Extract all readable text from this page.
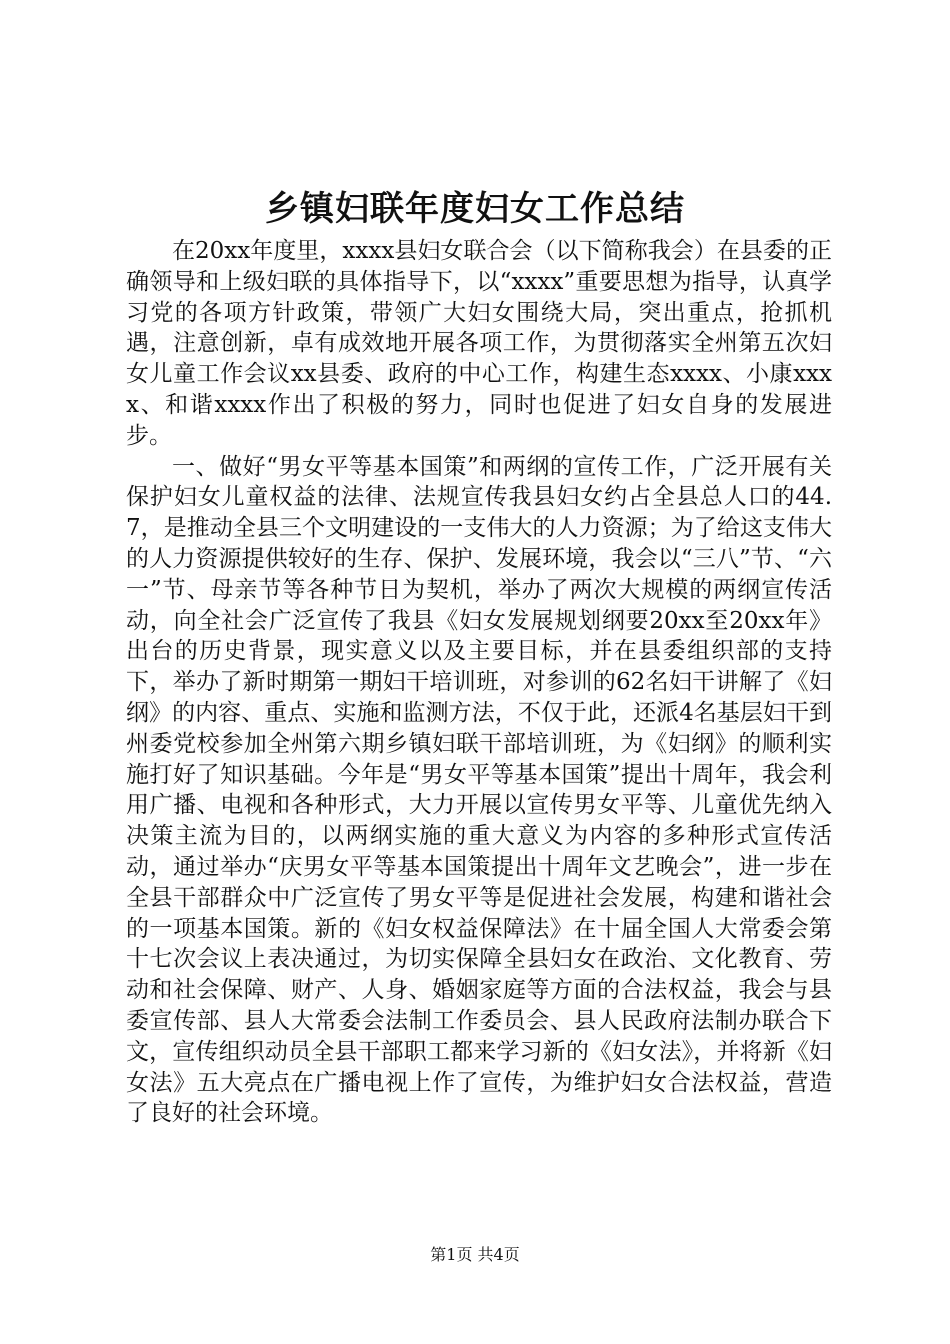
乡镇妇联年度妇女工作总结

在20xx年度里，xxxx县妇女联合会（以下简称我会）在县委的正确领导和上级妇联的具体指导下，以“xxxx”重要思想为指导，认真学习党的各项方针政策，带领广大妇女围绕大局，突出重点，抢抓机遇，注意创新，卓有成效地开展各项工作，为贯彻落实全州第五次妇女儿童工作会议xx县委、政府的中心工作，构建生态xxxx、小康xxxx、和谐xxxx作出了积极的努力，同时也促进了妇女自身的发展进步。

一、做好“男女平等基本国策”和两纲的宣传工作，广泛开展有关保护妇女儿童权益的法律、法规宣传我县妇女约占全县总人口的44.7，是推动全县三个文明建设的一支伟大的人力资源；为了给这支伟大的人力资源提供较好的生存、保护、发展环境，我会以“三八”节、“六一”节、母亲节等各种节日为契机，举办了两次大规模的两纲宣传活动，向全社会广泛宣传了我县《妇女发展规划纲要20xx至20xx年》出台的历史背景，现实意义以及主要目标，并在县委组织部的支持下，举办了新时期第一期妇干培训班，对参训的62名妇干讲解了《妇纲》的内容、重点、实施和监测方法，不仅于此，还派4名基层妇干到州委党校参加全州第六期乡镇妇联干部培训班，为《妇纲》的顺利实施打好了知识基础。今年是“男女平等基本国策”提出十周年，我会利用广播、电视和各种形式，大力开展以宣传男女平等、儿童优先纳入决策主流为目的，以两纲实施的重大意义为内容的多种形式宣传活动，通过举办“庆男女平等基本国策提出十周年文艺晚会”，进一步在全县干部群众中广泛宣传了男女平等是促进社会发展，构建和谐社会的一项基本国策。新的《妇女权益保障法》在十届全国人大常委会第十七次会议上表决通过，为切实保障全县妇女在政治、文化教育、劳动和社会保障、财产、人身、婚姻家庭等方面的合法权益，我会与县委宣传部、县人大常委会法制工作委员会、县人民政府法制办联合下文，宣传组织动员全县干部职工都来学习新的《妇女法》，并将新《妇女法》五大亮点在广播电视上作了宣传，为维护妇女合法权益，营造了良好的社会环境。

第1页 共4页
